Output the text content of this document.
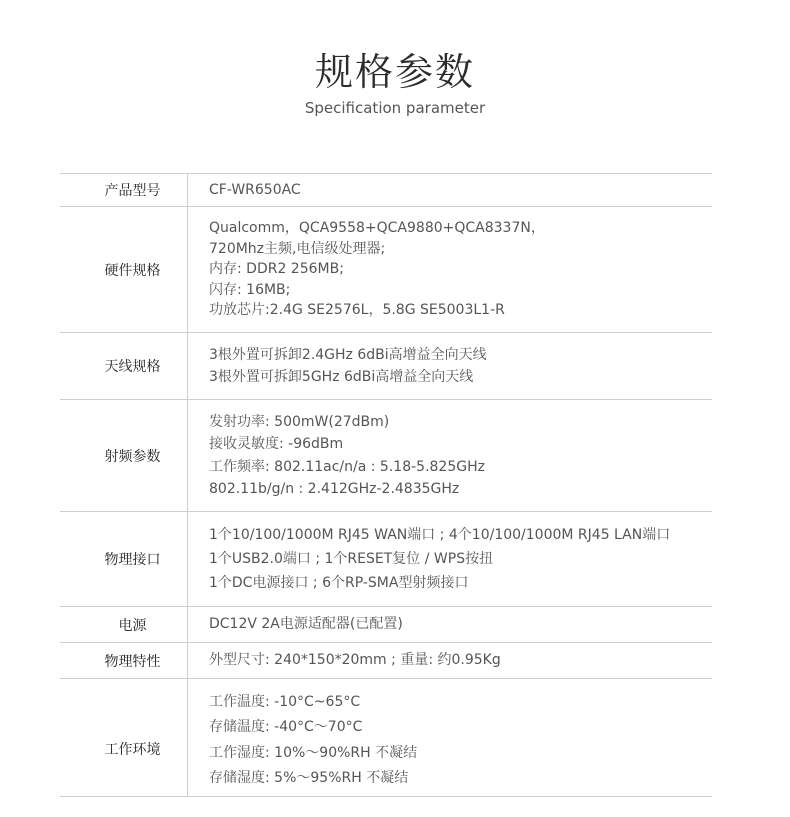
规格参数
Specification parameter
产品型号	CF-WR650AC

硬件规格	Qualcomm，QCA9558+QCA9880+QCA8337N，
720Mhz主频,电信级处理器;
内存: DDR2 256MB;
闪存: 16MB;
功放芯片:2.4G SE2576L，5.8G SE5003L1-R

天线规格	3根外置可拆卸2.4GHz 6dBi高增益全向天线
3根外置可拆卸5GHz 6dBi高增益全向天线

射频参数	发射功率: 500mW(27dBm)
接收灵敏度: -96dBm
工作频率: 802.11ac/n/a : 5.18-5.825GHz
802.11b/g/n : 2.412GHz-2.4835GHz

物理接口	1个10/100/1000M RJ45 WAN端口 ; 4个10/100/1000M RJ45 LAN端口
1个USB2.0端口 ; 1个RESET复位 / WPS按扭
1个DC电源接口 ; 6个RP-SMA型射频接口

电源	DC12V 2A电源适配器(已配置)

物理特性	外型尺寸: 240*150*20mm ; 重量: 约0.95Kg

工作环境	工作温度: -10°C~65°C
存储温度: -40°C～70°C
工作湿度: 10%～90%RH 不凝结
存储湿度: 5%～95%RH 不凝结
